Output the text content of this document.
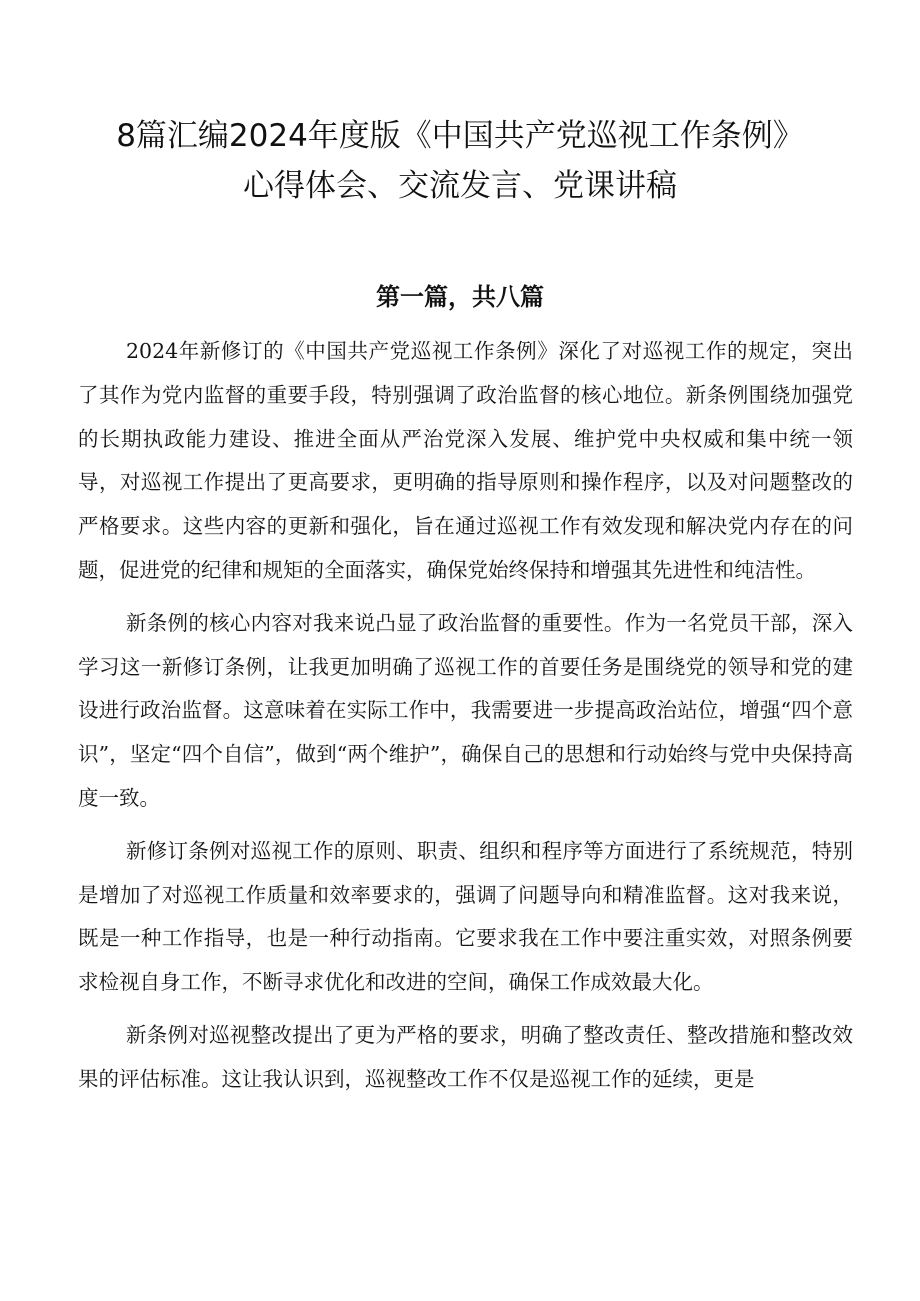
8篇汇编2024年度版《中国共产党巡视工作条例》
心得体会、交流发言、党课讲稿
第一篇，共八篇

2024年新修订的《中国共产党巡视工作条例》深化了对巡视工作的规定，突出了其作为党内监督的重要手段，特别强调了政治监督的核心地位。新条例围绕加强党的长期执政能力建设、推进全面从严治党深入发展、维护党中央权威和集中统一领导，对巡视工作提出了更高要求，更明确的指导原则和操作程序，以及对问题整改的严格要求。这些内容的更新和强化，旨在通过巡视工作有效发现和解决党内存在的问题，促进党的纪律和规矩的全面落实，确保党始终保持和增强其先进性和纯洁性。

新条例的核心内容对我来说凸显了政治监督的重要性。作为一名党员干部，深入学习这一新修订条例，让我更加明确了巡视工作的首要任务是围绕党的领导和党的建设进行政治监督。这意味着在实际工作中，我需要进一步提高政治站位，增强“四个意识”，坚定“四个自信”，做到“两个维护”，确保自己的思想和行动始终与党中央保持高度一致。

新修订条例对巡视工作的原则、职责、组织和程序等方面进行了系统规范，特别是增加了对巡视工作质量和效率要求的，强调了问题导向和精准监督。这对我来说，既是一种工作指导，也是一种行动指南。它要求我在工作中要注重实效，对照条例要求检视自身工作，不断寻求优化和改进的空间，确保工作成效最大化。

新条例对巡视整改提出了更为严格的要求，明确了整改责任、整改措施和整改效果的评估标准。这让我认识到，巡视整改工作不仅是巡视工作的延续，更是
